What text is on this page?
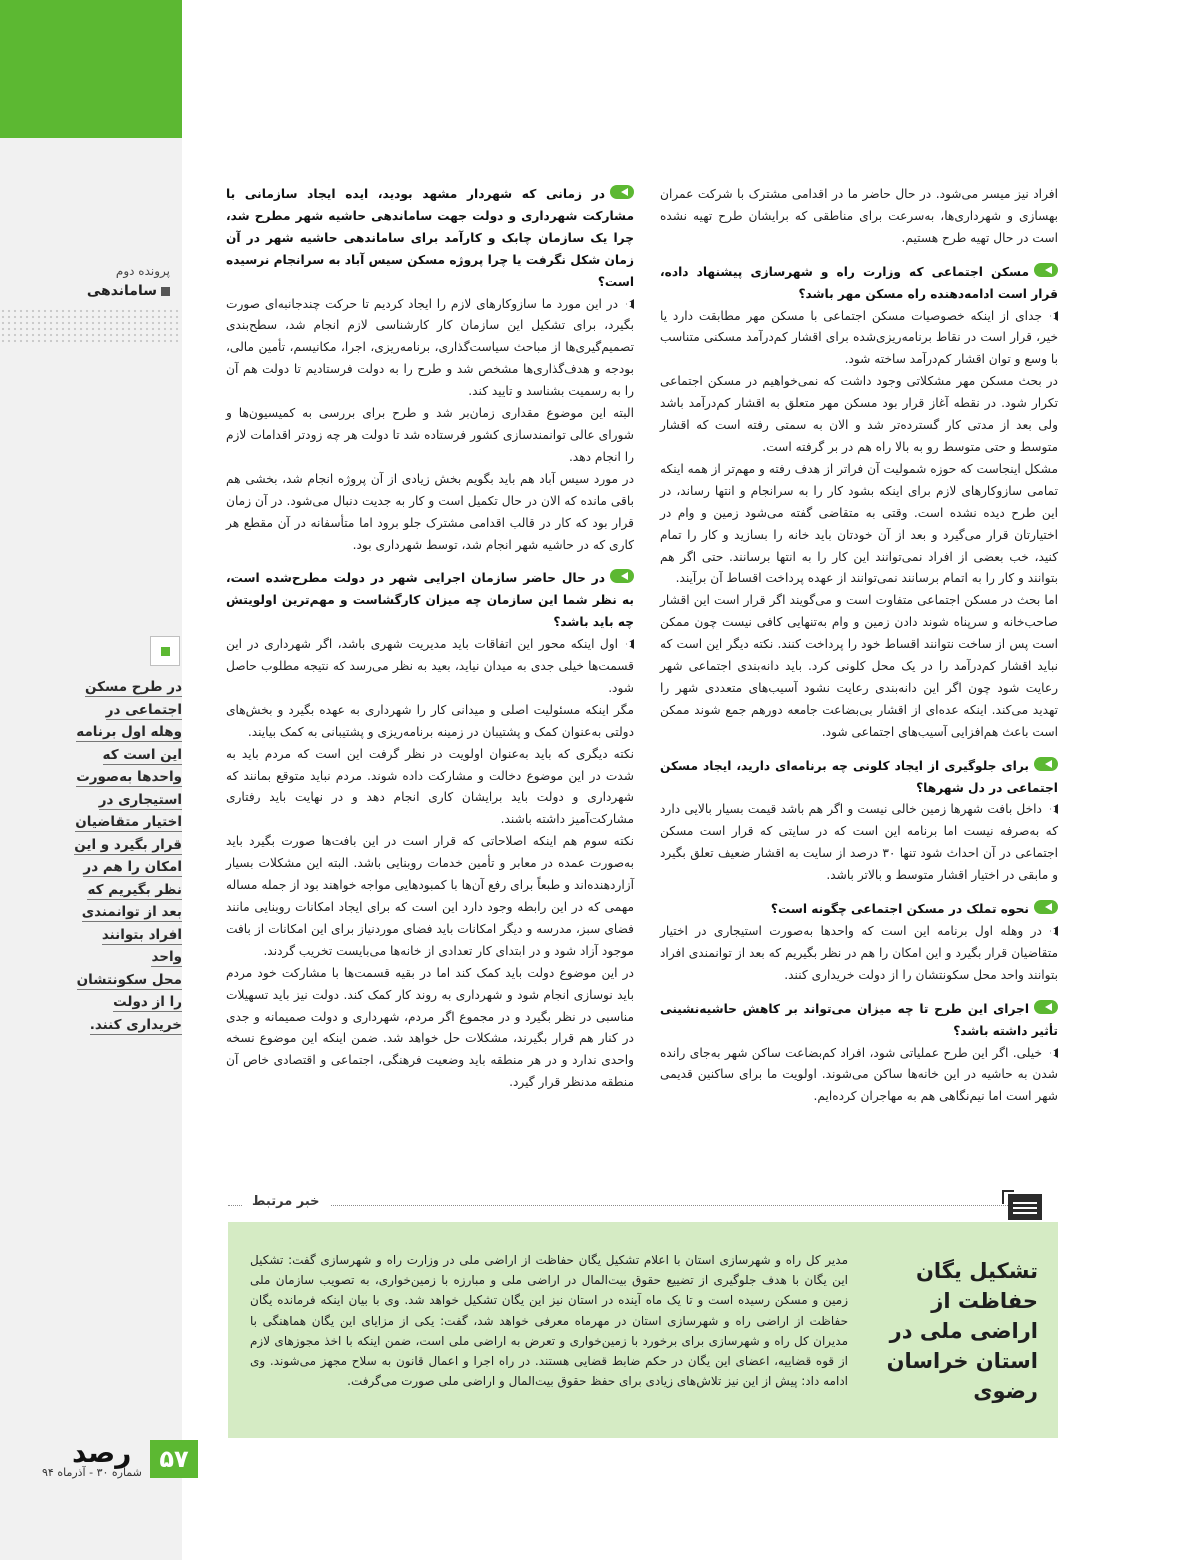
پرونده دوم
ساماندهی
در طرح مسکن
اجتماعی در
وهله اول برنامه
این است که
واحدها به‌صورت
استیجاری در
اختیار متقاضیان
قرار بگیرد و این
امکان را هم در
نظر بگیریم که
بعد از توانمندی
افراد بتوانند واحد
محل سکونتشان
را از دولت
خریداری کنند.
رصد	۵۷
شماره ۳۰ - آذرماه ۹۴

افراد نیز میسر می‌شود. در حال حاضر ما در اقدامی مشترک با شرکت عمران بهسازی و شهرداری‌ها، به‌سرعت برای مناطقی که برایشان طرح تهیه نشده است در حال تهیه طرح هستیم.

مسکن اجتماعی که وزارت راه و شهرسازی پیشنهاد داده، قرار است ادامه‌دهنده راه مسکن مهر باشد؟

جدای از اینکه خصوصیات مسکن اجتماعی با مسکن مهر مطابقت دارد یا خیر، قرار است در نقاط برنامه‌ریزی‌شده برای اقشار کم‌درآمد مسکنی متناسب با وسع و توان اقشار کم‌درآمد ساخته شود.

در بحث مسکن مهر مشکلاتی وجود داشت که نمی‌خواهیم در مسکن اجتماعی تکرار شود. در نقطه آغاز قرار بود مسکن مهر متعلق به اقشار کم‌درآمد باشد ولی بعد از مدتی کار گسترده‌تر شد و الان به سمتی رفته است که اقشار متوسط و حتی متوسط رو به بالا راه هم در بر گرفته است.

مشکل اینجاست که حوزه شمولیت آن فراتر از هدف رفته و مهم‌تر از همه اینکه تمامی سازوکارهای لازم برای اینکه بشود کار را به سرانجام و انتها رساند، در این طرح دیده نشده است. وقتی به متقاضی گفته می‌شود زمین و وام در اختیارتان قرار می‌گیرد و بعد از آن خودتان باید خانه را بسازید و کار را تمام کنید، خب بعضی از افراد نمی‌توانند این کار را به انتها برسانند. حتی اگر هم بتوانند و کار را به اتمام برسانند نمی‌توانند از عهده پرداخت اقساط آن برآیند.

اما بحث در مسکن اجتماعی متفاوت است و می‌گویند اگر قرار است این اقشار صاحب‌خانه و سرپناه شوند دادن زمین و وام به‌تنهایی کافی نیست چون ممکن است پس از ساخت نتوانند اقساط خود را پرداخت کنند. نکته دیگر این است که نباید اقشار کم‌درآمد را در یک محل کلونی کرد. باید دانه‌بندی اجتماعی شهر رعایت شود چون اگر این دانه‌بندی رعایت نشود آسیب‌های متعددی شهر را تهدید می‌کند. اینکه عده‌ای از اقشار بی‌بضاعت جامعه دورهم جمع شوند ممکن است باعث هم‌افزایی آسیب‌های اجتماعی شود.

برای جلوگیری از ایجاد کلونی چه برنامه‌ای دارید، ایجاد مسکن اجتماعی در دل شهرها؟

داخل بافت شهرها زمین خالی نیست و اگر هم باشد قیمت بسیار بالایی دارد که به‌صرفه نیست اما برنامه این است که در سایتی که قرار است مسکن اجتماعی در آن احداث شود تنها ۳۰ درصد از سایت به اقشار ضعیف تعلق بگیرد و مابقی در اختیار اقشار متوسط و بالاتر باشد.

نحوه تملک در مسکن اجتماعی چگونه است؟

در وهله اول برنامه این است که واحدها به‌صورت استیجاری در اختیار متقاضیان قرار بگیرد و این امکان را هم در نظر بگیریم که بعد از توانمندی افراد بتوانند واحد محل سکونتشان را از دولت خریداری کنند.

اجرای این طرح تا چه میزان می‌تواند بر کاهش حاشیه‌نشینی تأثیر داشته باشد؟

خیلی. اگر این طرح عملیاتی شود، افراد کم‌بضاعت ساکن شهر به‌جای رانده شدن به حاشیه در این خانه‌ها ساکن می‌شوند. اولویت ما برای ساکنین قدیمی شهر است اما نیم‌نگاهی هم به مهاجران کرده‌ایم.

در زمانی که شهردار مشهد بودید، ایده ایجاد سازمانی با مشارکت شهرداری و دولت جهت ساماندهی حاشیه شهر مطرح شد، چرا یک سازمان چابک و کارآمد برای ساماندهی حاشیه شهر در آن زمان شکل نگرفت یا چرا پروژه مسکن سیس آباد به سرانجام نرسیده است؟

در این مورد ما سازوکارهای لازم را ایجاد کردیم تا حرکت چندجانبه‌ای صورت بگیرد، برای تشکیل این سازمان کار کارشناسی لازم انجام شد، سطح‌بندی تصمیم‌گیری‌ها از مباحث سیاست‌گذاری، برنامه‌ریزی، اجرا، مکانیسم، تأمین مالی، بودجه و هدف‌گذاری‌ها مشخص شد و طرح را به دولت فرستادیم تا دولت هم آن را به رسمیت بشناسد و تایید کند.

البته این موضوع مقداری زمان‌بر شد و طرح برای بررسی به کمیسیون‌ها و شورای عالی توانمندسازی کشور فرستاده شد تا دولت هر چه زودتر اقدامات لازم را انجام دهد.

در مورد سیس آباد هم باید بگویم بخش زیادی از آن پروژه انجام شد، بخشی هم باقی مانده که الان در حال تکمیل است و کار به جدیت دنبال می‌شود. در آن زمان قرار بود که کار در قالب اقدامی مشترک جلو برود اما متأسفانه در آن مقطع هر کاری که در حاشیه شهر انجام شد، توسط شهرداری بود.

در حال حاضر سازمان اجرایی شهر در دولت مطرح‌شده است، به نظر شما این سازمان چه میزان کارگشاست و مهم‌ترین اولویتش چه باید باشد؟

اول اینکه محور این اتفاقات باید مدیریت شهری باشد، اگر شهرداری در این قسمت‌ها خیلی جدی به میدان نیاید، بعید به نظر می‌رسد که نتیجه مطلوب حاصل شود.

مگر اینکه مسئولیت اصلی و میدانی کار را شهرداری به عهده بگیرد و بخش‌های دولتی به‌عنوان کمک و پشتیبان در زمینه برنامه‌ریزی و پشتیبانی به کمک بیایند.

نکته دیگری که باید به‌عنوان اولویت در نظر گرفت این است که مردم باید به شدت در این موضوع دخالت و مشارکت داده شوند. مردم نباید متوقع بمانند که شهرداری و دولت باید برایشان کاری انجام دهد و در نهایت باید رفتاری مشارکت‌آمیز داشته باشند.

نکته سوم هم اینکه اصلاحاتی که قرار است در این بافت‌ها صورت بگیرد باید به‌صورت عمده در معابر و تأمین خدمات روبنایی باشد. البته این مشکلات بسیار آزاردهنده‌اند و طبعاً برای رفع آن‌ها با کمبودهایی مواجه خواهند بود از جمله مساله مهمی که در این رابطه وجود دارد این است که برای ایجاد امکانات روبنایی مانند فضای سبز، مدرسه و دیگر امکانات باید فضای موردنیاز برای این امکانات از بافت موجود آزاد شود و در ابتدای کار تعدادی از خانه‌ها می‌بایست تخریب گردند.

در این موضوع دولت باید کمک کند اما در بقیه قسمت‌ها با مشارکت خود مردم باید نوسازی انجام شود و شهرداری به روند کار کمک کند. دولت نیز باید تسهیلات مناسبی در نظر بگیرد و در مجموع اگر مردم، شهرداری و دولت صمیمانه و جدی در کنار هم قرار بگیرند، مشکلات حل خواهد شد. ضمن اینکه این موضوع نسخه واحدی ندارد و در هر منطقه باید وضعیت فرهنگی، اجتماعی و اقتصادی خاص آن منطقه مدنظر قرار گیرد.

خبر مرتبط
تشکیل یگان حفاظت از اراضی ملی در استان خراسان رضوی
مدیر کل راه و شهرسازی استان با اعلام تشکیل یگان حفاظت از اراضی ملی در وزارت راه و شهرسازی گفت: تشکیل این یگان با هدف جلوگیری از تضییع حقوق بیت‌المال در اراضی ملی و مبارزه با زمین‌خواری، به تصویب سازمان ملی زمین و مسکن رسیده است و تا یک ماه آینده در استان نیز این یگان تشکیل خواهد شد. وی با بیان اینکه فرمانده یگان حفاظت از اراضی راه و شهرسازی استان در مهرماه معرفی خواهد شد، گفت: یکی از مزایای این یگان هماهنگی با مدیران کل راه و شهرسازی برای برخورد با زمین‌خواری و تعرض به اراضی ملی است، ضمن اینکه با اخذ مجوزهای لازم از قوه قضاییه، اعضای این یگان در حکم ضابط قضایی هستند. در راه اجرا و اعمال قانون به سلاح مجهز می‌شوند. وی ادامه داد: پیش از این نیز تلاش‌های زیادی برای حفظ حقوق بیت‌المال و اراضی ملی صورت می‌گرفت.
